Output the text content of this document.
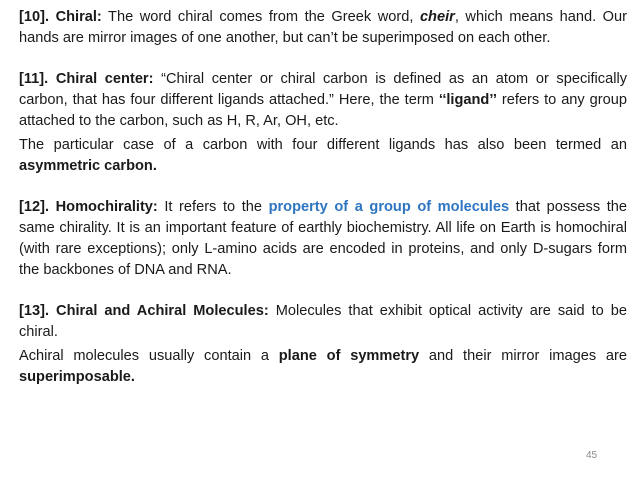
[10]. Chiral: The word chiral comes from the Greek word, cheir, which means hand. Our hands are mirror images of one another, but can’t be superimposed on each other.

[11]. Chiral center: “Chiral center or chiral carbon is defined as an atom or specifically carbon, that has four different ligands attached.” Here, the term ‘‘ligand’’ refers to any group attached to the carbon, such as H, R, Ar, OH, etc.

The particular case of a carbon with four different ligands has also been termed an asymmetric carbon.

[12]. Homochirality: It refers to the property of a group of molecules that possess the same chirality. It is an important feature of earthly biochemistry. All life on Earth is homochiral (with rare exceptions); only L-amino acids are encoded in proteins, and only D-sugars form the backbones of DNA and RNA.

[13]. Chiral and Achiral Molecules: Molecules that exhibit optical activity are said to be chiral.

Achiral molecules usually contain a plane of symmetry and their mirror images are superimposable.

45
